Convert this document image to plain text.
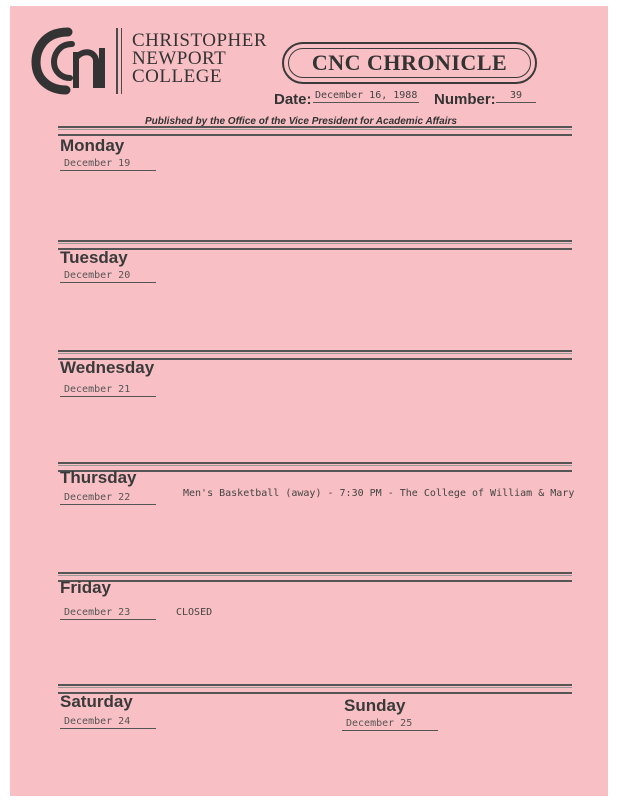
CHRISTOPHER
NEWPORT
COLLEGE
CNC CHRONICLE
Date: December 16, 1988 Number:	39
Published by the Office of the Vice President for Academic Affairs
Monday
December 19
Tuesday
December 20
Wednesday
December 21
Thursday
December 22	Men's Basketball (away) - 7:30 PM - The College of William & Mary
Friday
December 23	CLOSED
Saturday
December 24
Sunday
December 25
